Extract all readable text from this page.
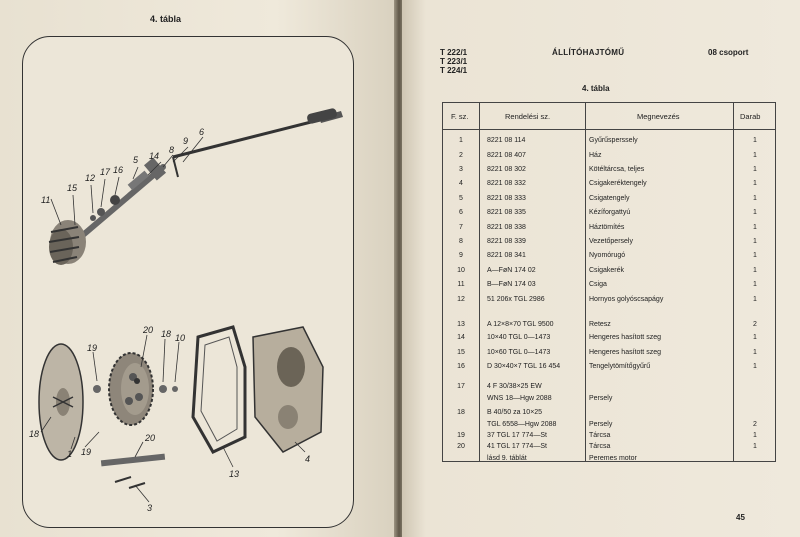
4. tábla
6
9
8
14
5
16
17
12
15
11
18
19
20 18 10
19
1
20
3
4
13
T 222/1
T 223/1
T 224/1
ÁLLÍTÓHAJTÓMŰ	08 csoport
4. tábla
F. sz.	Rendelési sz.	Megnevezés	Darab
1	8221 08 114	Gyűrűsperssely	1
2	8221 08 407	Ház	1
3	8221 08 302	Kötéltárcsa, teljes	1
4	8221 08 332	Csigakeréktengely	1
5	8221 08 333	Csigatengely	1
6	8221 08 335	Kézíforgattyú	1
7	8221 08 338	Háztömítés	1
8	8221 08 339	Vezetőpersely	1
9	8221 08 341	Nyomórugó	1
10	A—FøN 174 02	Csigakerék	1
11	B—FøN 174 03	Csiga	1
12	51 206x TGL 2986	Hornyos golyóscsapágy	1
13	A 12×8×70 TGL 9500	Retesz	2
14	10×40 TGL 0—1473	Hengeres hasított szeg	1
15	10×60 TGL 0—1473	Hengeres hasított szeg	1
16	D 30×40×7 TGL 16 454	Tengelytömítőgyűrű	1
17	4 F 30/38×25 EW
WNS 18—Hgw 2088	Persely
18	B 40/50 za 10×25
TGL 6558—Hgw 2088	Persely	2
19	37 TGL 17 774—St	Tárcsa	1
20	41 TGL 17 774—St	Tárcsa	1
lásd 9. táblát	Peremes motor
45
